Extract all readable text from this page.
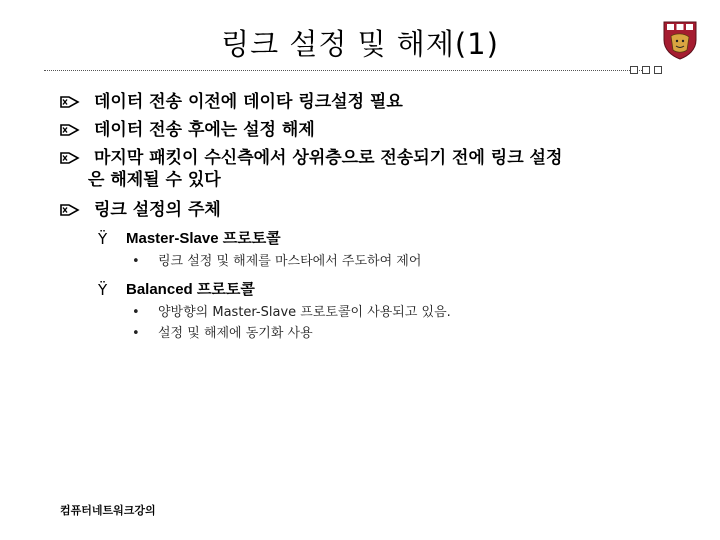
링크 설정 및 해제(1)
데이터 전송 이전에 데이타 링크설정 필요
데이터 전송 후에는 설정 해제
마지막 패킷이 수신측에서 상위층으로 전송되기 전에 링크 설정
은 해제될 수 있다
링크 설정의 주체
Ÿ	Master-Slave 프로토콜
•	링크 설정 및 해제를 마스타에서 주도하여 제어
Ÿ	Balanced 프로토콜
•	양방향의 Master-Slave 프로토콜이 사용되고 있음.
•	설정 및 해제에 동기화 사용
컴퓨터네트워크강의
